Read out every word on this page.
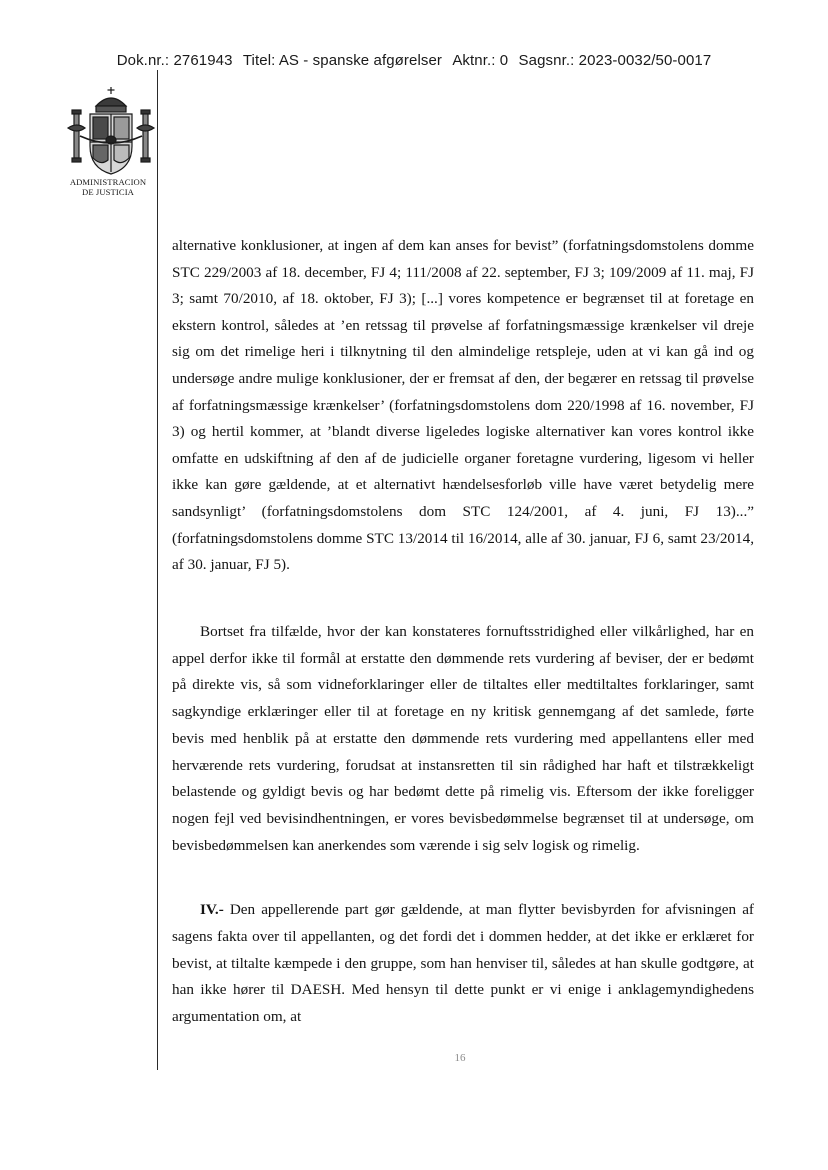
Dok.nr.: 2761943 Titel: AS - spanske afgørelser Aktnr.: 0 Sagsnr.: 2023-0032/50-0017
ADMINISTRACION
DE JUSTICIA

alternative konklusioner, at ingen af dem kan anses for bevist” (forfatningsdomstolens domme STC 229/2003 af 18. december, FJ 4; 111/2008 af 22. september, FJ 3; 109/2009 af 11. maj, FJ 3; samt 70/2010, af 18. oktober, FJ 3); [...] vores kompetence er begrænset til at foretage en ekstern kontrol, således at ’en retssag til prøvelse af forfatningsmæssige krænkelser vil dreje sig om det rimelige heri i tilknytning til den almindelige retspleje, uden at vi kan gå ind og undersøge andre mulige konklusioner, der er fremsat af den, der begærer en retssag til prøvelse af forfatningsmæssige krænkelser’ (forfatningsdomstolens dom 220/1998 af 16. november, FJ 3) og hertil kommer, at ’blandt diverse ligeledes logiske alternativer kan vores kontrol ikke omfatte en udskiftning af den af de judicielle organer foretagne vurdering, ligesom vi heller ikke kan gøre gældende, at et alternativt hændelsesforløb ville have været betydelig mere sandsynligt’ (forfatningsdomstolens dom STC 124/2001, af 4. juni, FJ 13)...” (forfatningsdomstolens domme STC 13/2014 til 16/2014, alle af 30. januar, FJ 6, samt 23/2014, af 30. januar, FJ 5).

Bortset fra tilfælde, hvor der kan konstateres fornuftsstridighed eller vilkårlighed, har en appel derfor ikke til formål at erstatte den dømmende rets vurdering af beviser, der er bedømt på direkte vis, så som vidneforklaringer eller de tiltaltes eller medtiltaltes forklaringer, samt sagkyndige erklæringer eller til at foretage en ny kritisk gennemgang af det samlede, førte bevis med henblik på at erstatte den dømmende rets vurdering med appellantens eller med herværende rets vurdering, forudsat at instansretten til sin rådighed har haft et tilstrækkeligt belastende og gyldigt bevis og har bedømt dette på rimelig vis. Eftersom der ikke foreligger nogen fejl ved bevisindhentningen, er vores bevisbedømmelse begrænset til at undersøge, om bevisbedømmelsen kan anerkendes som værende i sig selv logisk og rimelig.

IV.- Den appellerende part gør gældende, at man flytter bevisbyrden for afvisningen af sagens fakta over til appellanten, og det fordi det i dommen hedder, at det ikke er erklæret for bevist, at tiltalte kæmpede i den gruppe, som han henviser til, således at han skulle godtgøre, at han ikke hører til DAESH. Med hensyn til dette punkt er vi enige i anklagemyndighedens argumentation om, at

16
